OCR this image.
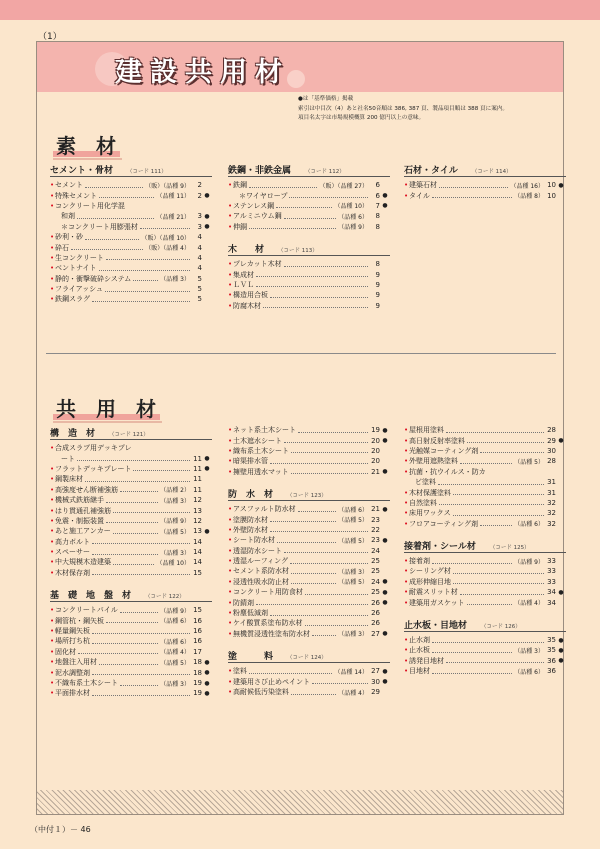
（1）
建設共用材
●は「基準価格」掲載
索引は中目次（4）あと社名50音順は 386, 387 頁、製品項目順は 388 頁に案内。
項目名太字は市場規模概算 200 億円以上の意味。
素　材
セメント・骨材	（コード 111）
• セメント	（販）（品種 9）	2
• 特殊セメント	（品種 11）	2 ●
• コンクリート用化学混
和剤	（品種 21）	3 ●
＊コンクリート用膨張材	3 ●
• 砂利・砂	（販）（品種 10）	4
• 砕石	（販）（品種 4）	4
• 生コンクリート	4
• ベントナイト	4
• 静的・衝撃破砕システム	（品種 3）	5
• フライアッシュ	5
• 鉄鋼スラグ	5
鉄鋼・非鉄金属	（コード 112）
• 鉄鋼	（販）（品種 27）	6
＊ワイヤロープ	6 ●
• ステンレス鋼	（品種 10）	7 ●
• アルミニウム鋼	（品種 6）	8
• 伸銅	（品種 9）	8
木　　材	（コード 113）
• プレカット木材	8
• 集成材	9
• ＬＶＬ	9
• 構造用合板	9
• 防腐木材	9
石材・タイル	（コード 114）
• 建築石材	（品種 16） 10 ●
• タイル	（品種 8） 10
共　用　材
構　造　材	（コード 121）
• 合成スラブ用デッキプレ
ート	11 ●
• フラットデッキプレート	11 ●
• 鋼製床材	11
• 高強度せん断補強筋	（品種 2） 11
• 機械式鉄筋継手	（品種 3） 12
• はり貫通孔補強筋	13
• 免震・制振装置	（品種 9） 12
• あと施工アンカー	（品種 5） 13 ●
• 高力ボルト	14
• スペーサー	（品種 3） 14
• 中大規模木造建築	（品種 10） 14
• 木材保存剤	15
基　礎　地　盤　材	（コード 122）
• コンクリートパイル	（品種 9） 15
• 鋼管杭・鋼矢板	（品種 6） 16
• 軽量鋼矢板	16
• 場所打ち杭	（品種 6） 16
• 固化材	（品種 4） 17
• 地盤注入用材	（品種 5） 18 ●
• 泥水調整剤	18 ●
• 不織布系土木シート	（品種 3） 19 ●
• 平面排水材	19 ●
• ネット系土木シート	19 ●
• 土木遮水シート	20 ●
• 織布系土木シート	20
• 暗渠排水管	20
• 擁壁用透水マット	21 ●
防　水　材	（コード 123）
• アスファルト防水材	（品種 6） 21 ●
• 塗膜防水材	（品種 5） 23
• 外壁防水材	22
• シート防水材	（品種 5） 23 ●
• 透湿防水シート	24
• 透湿ルーフィング	25
• セメント系防水材	（品種 3） 25
• 浸透性吸水防止材	（品種 5） 24 ●
• コンクリート用防食材	25 ●
• 防錆剤	26 ●
• 粉塵低減剤	26
• ケイ酸質系塗布防水材	26
• 無機質浸透性塗布防水材	（品種 3） 27 ●
塗　　　料	（コード 124）
• 塗料	（品種 14） 27 ●
• 建築用さび止めペイント	30 ●
• 高耐候低汚染塗料	（品種 4） 29
• 屋根用塗料	28
• 高日射反射率塗料	29 ●
• 光触媒コーティング剤	30
• 外壁用遮熱塗料	（品種 5） 28
• 抗菌・抗ウイルス・防カ
ビ塗料	31
• 木材保護塗料	31
• 自然塗料	32
• 床用ワックス	32
• フロアコーティング剤	（品種 6） 32
接着剤・シール材	（コード 125）
• 接着剤	（品種 9） 33
• シーリング材	33
• 成形伸縮目地	33
• 耐震スリット材	34 ●
• 建築用ガスケット	（品種 4） 34
止水板・目地材	（コード 126）
• 止水剤	35 ●
• 止水板	（品種 3） 35 ●
• 誘発目地材	36 ●
• 目地材	（品種 6） 36
（中付１）－ 46
